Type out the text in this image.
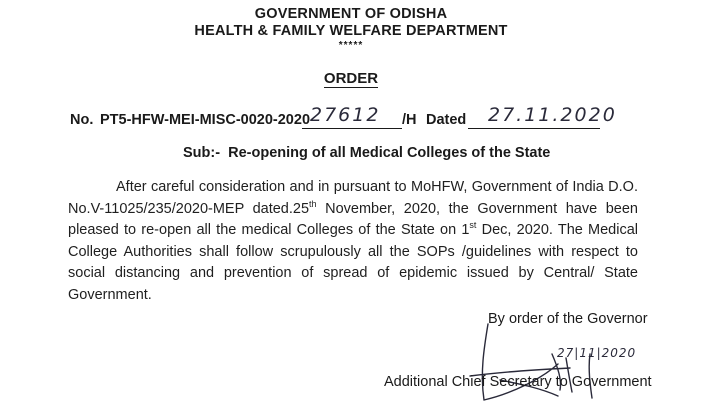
GOVERNMENT OF ODISHA
HEALTH & FAMILY WELFARE DEPARTMENT
*****
ORDER
No. PT5-HFW-MEI-MISC-0020-2020 27612 /H Dated 27.11.2020
Sub:- Re-opening of all Medical Colleges of the State
After careful consideration and in pursuant to MoHFW, Government of India D.O. No.V-11025/235/2020-MEP dated.25th November, 2020, the Government have been pleased to re-open all the medical Colleges of the State on 1st Dec, 2020. The Medical College Authorities shall follow scrupulously all the SOPs /guidelines with respect to social distancing and prevention of spread of epidemic issued by Central/ State Government.
By order of the Governor
27|11|2020
Additional Chief Secretary to Government
